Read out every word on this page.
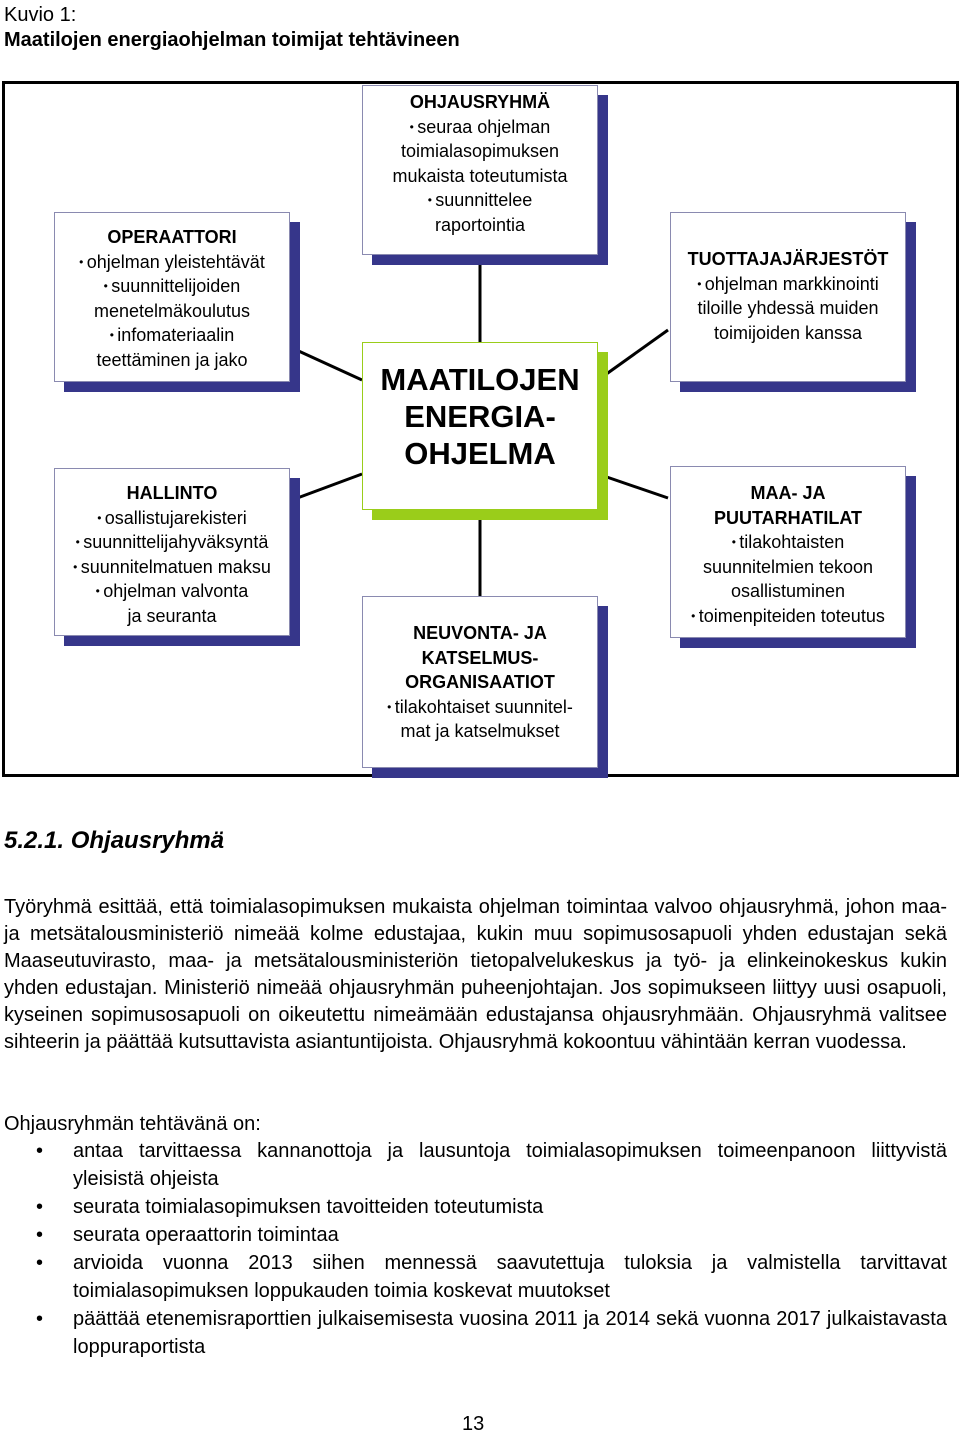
Kuvio 1:
Maatilojen energiaohjelman toimijat tehtävineen
OHJAUSRYHMÄ
• seuraa ohjelman
toimialasopimuksen
mukaista toteutumista
• suunnittelee
raportointia
OPERAATTORI
• ohjelman yleistehtävät
• suunnittelijoiden
menetelmäkoulutus
• infomateriaalin
teettäminen ja jako
MAATILOJEN
ENERGIA-
OHJELMA
TUOTTAJAJÄRJESTÖT
• ohjelman markkinointi
tiloille yhdessä muiden
toimijoiden kanssa
HALLINTO
• osallistujarekisteri
• suunnittelijahyväksyntä
• suunnitelmatuen maksu
• ohjelman valvonta
ja seuranta
MAA- JA
PUUTARHATILAT
• tilakohtaisten
suunnitelmien tekoon
osallistuminen
• toimenpiteiden toteutus
NEUVONTA- JA
KATSELMUS-
ORGANISAATIOT
• tilakohtaiset suunnitel-
mat ja katselmukset
5.2.1. Ohjausryhmä
Työryhmä esittää, että toimialasopimuksen mukaista ohjelman toimintaa valvoo ohjausryhmä, johon maa- ja metsätalousministeriö nimeää kolme edustajaa, kukin muu sopimusosapuoli yhden edustajan sekä Maaseutuvirasto, maa- ja metsätalousministeriön tietopalvelukeskus ja työ- ja elinkeinokeskus kukin yhden edustajan. Ministeriö nimeää ohjausryhmän puheenjohtajan. Jos sopimukseen liittyy uusi osapuoli, kyseinen sopimusosapuoli on oikeutettu nimeämään edustajansa ohjausryhmään. Ohjausryhmä valitsee sihteerin ja päättää kutsuttavista asiantuntijoista. Ohjausryhmä kokoontuu vähintään kerran vuodessa.
Ohjausryhmän tehtävänä on:
• antaa tarvittaessa kannanottoja ja lausuntoja toimialasopimuksen toimeenpanoon liittyvistä yleisistä ohjeista
• seurata toimialasopimuksen tavoitteiden toteutumista
• seurata operaattorin toimintaa
• arvioida vuonna 2013 siihen mennessä saavutettuja tuloksia ja valmistella tarvittavat toimialasopimuksen loppukauden toimia koskevat muutokset
• päättää etenemisraporttien julkaisemisesta vuosina 2011 ja 2014 sekä vuonna 2017 julkaistavasta loppuraportista
13
